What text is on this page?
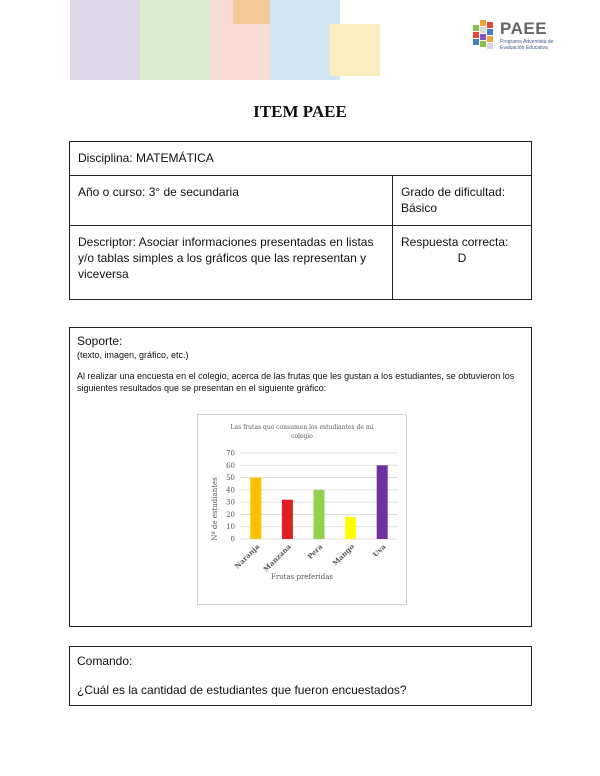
PAEE
Programa Adventista de Evaluación Educativa
ITEM PAEE
Disciplina: MATEMÁTICA	
Año o curso: 3° de secundaria	Grado de dificultad:
Básico

Descriptor: Asociar informaciones presentadas en listas y/o tablas simples a los gráficos que las representan y viceversa	Respuesta correcta:
D
Soporte:
(texto, imagen, gráfico, etc.)
Al realizar una encuesta en el colegio, acerca de las frutas que les gustan a los estudiantes, se obtuvieron los siguientes resultados que se presentan en el siguiente gráfico:
Las frutas que consumen los estudiantes de mi
colegio
Nº de estudiantes 0
10
20
30
40
50
60
70
Naranja Manzana Pera Mango Uva
Frutas preferidas
Comando:
¿Cuál es la cantidad de estudiantes que fueron encuestados?
